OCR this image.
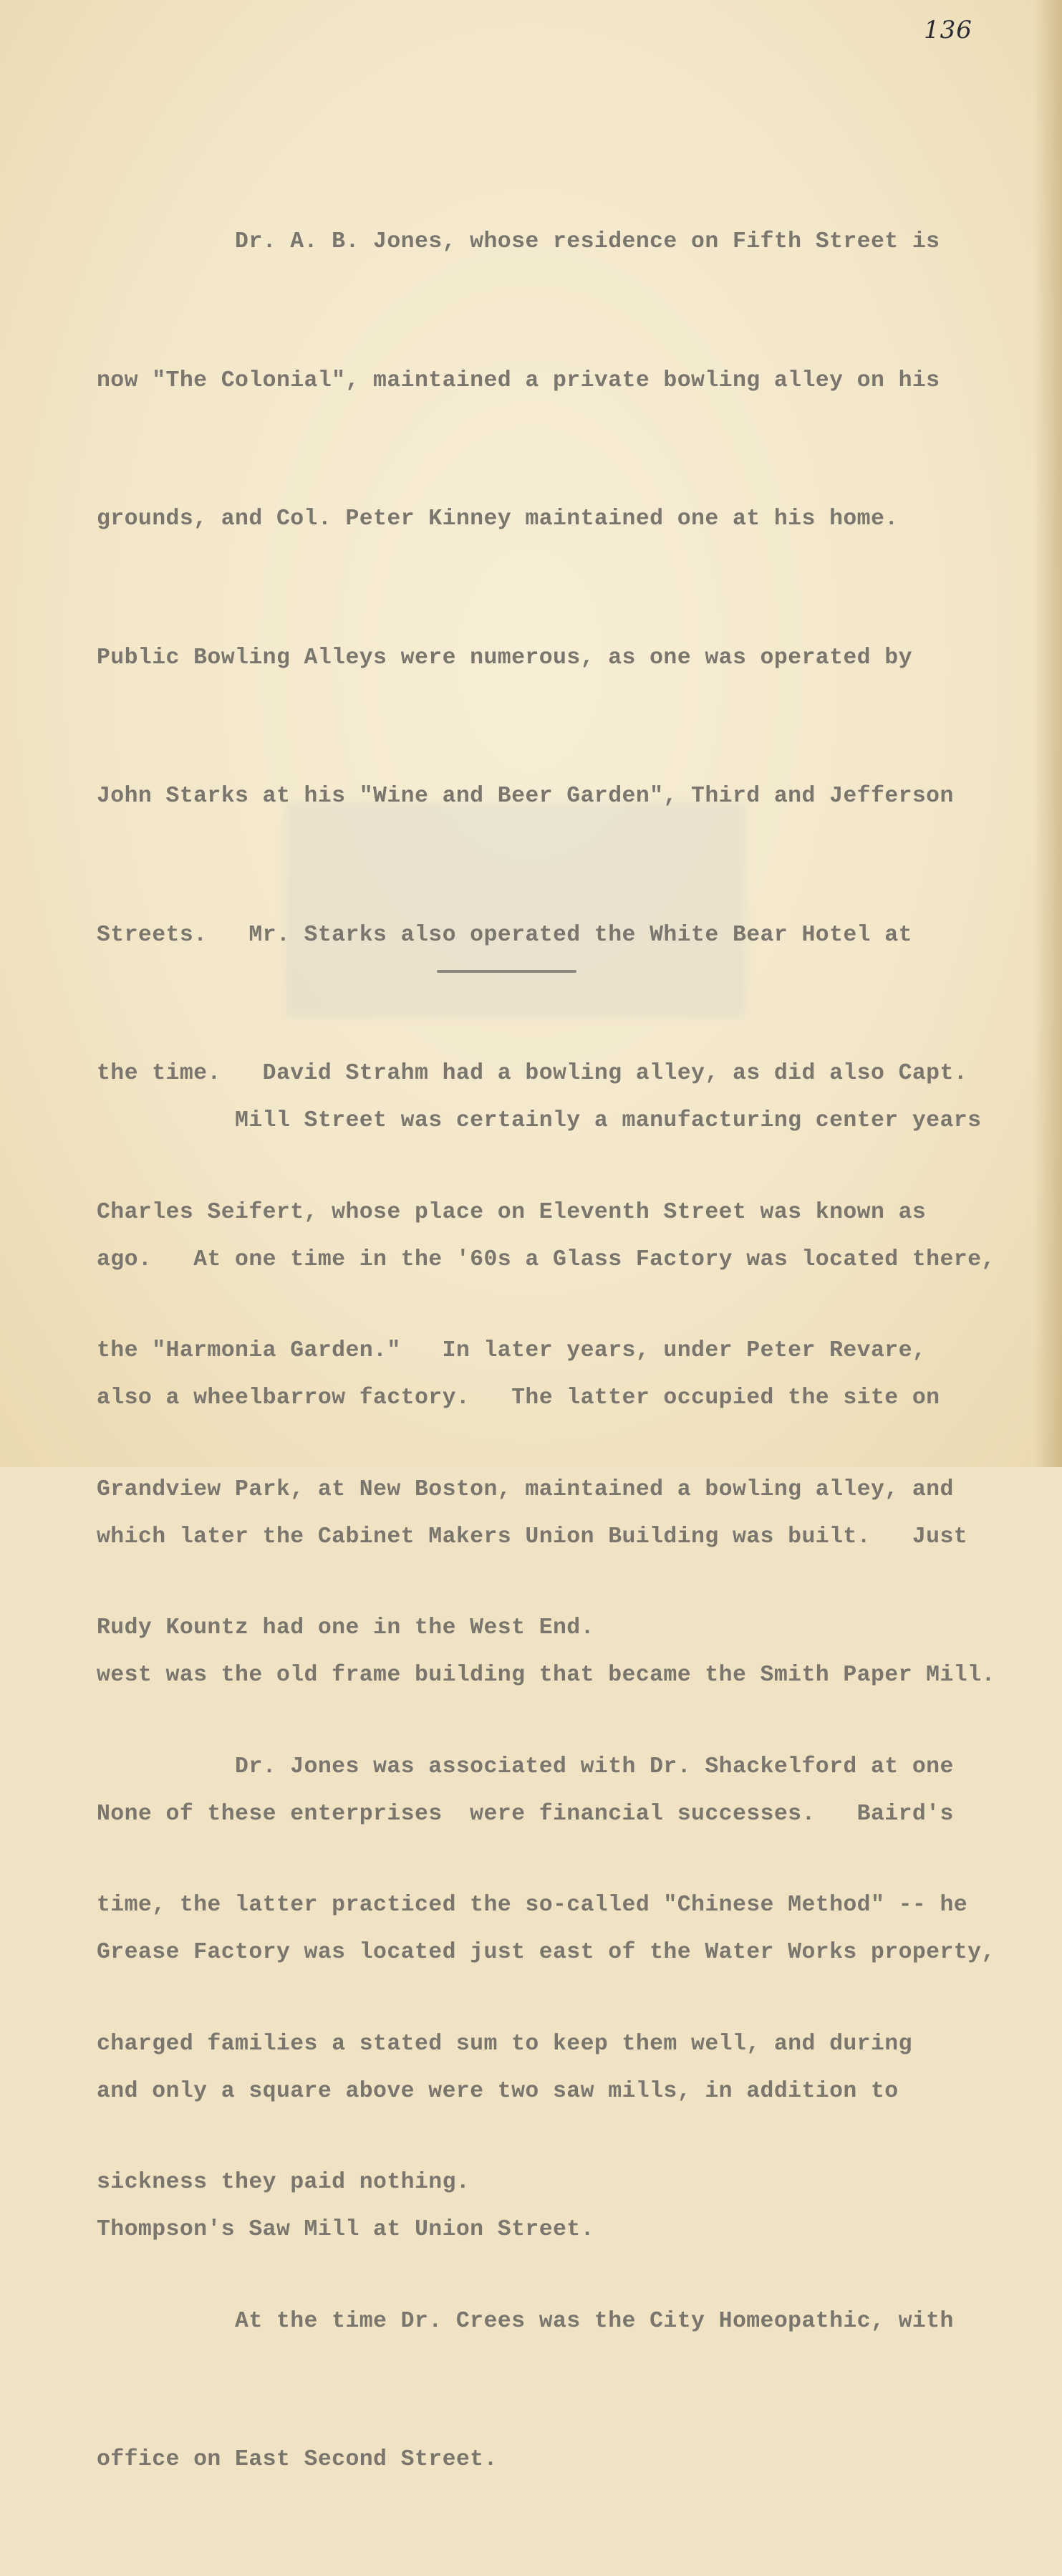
136

Dr. A. B. Jones, whose residence on Fifth Street is

now "The Colonial", maintained a private bowling alley on his

grounds, and Col. Peter Kinney maintained one at his home.

Public Bowling Alleys were numerous, as one was operated by

John Starks at his "Wine and Beer Garden", Third and Jefferson

Streets.   Mr. Starks also operated the White Bear Hotel at

the time.   David Strahm had a bowling alley, as did also Capt.

Charles Seifert, whose place on Eleventh Street was known as

the "Harmonia Garden."   In later years, under Peter Revare,

Grandview Park, at New Boston, maintained a bowling alley, and

Rudy Kountz had one in the West End.

Dr. Jones was associated with Dr. Shackelford at one

time, the latter practiced the so-called "Chinese Method" -- he

charged families a stated sum to keep them well, and during

sickness they paid nothing.

At the time Dr. Crees was the City Homeopathic, with

office on East Second Street.

Mill Street was certainly a manufacturing center years

ago.   At one time in the '60s a Glass Factory was located there,

also a wheelbarrow factory.   The latter occupied the site on

which later the Cabinet Makers Union Building was built.   Just

west was the old frame building that became the Smith Paper Mill.

None of these enterprises  were financial successes.   Baird's

Grease Factory was located just east of the Water Works property,

and only a square above were two saw mills, in addition to

Thompson's Saw Mill at Union Street.
